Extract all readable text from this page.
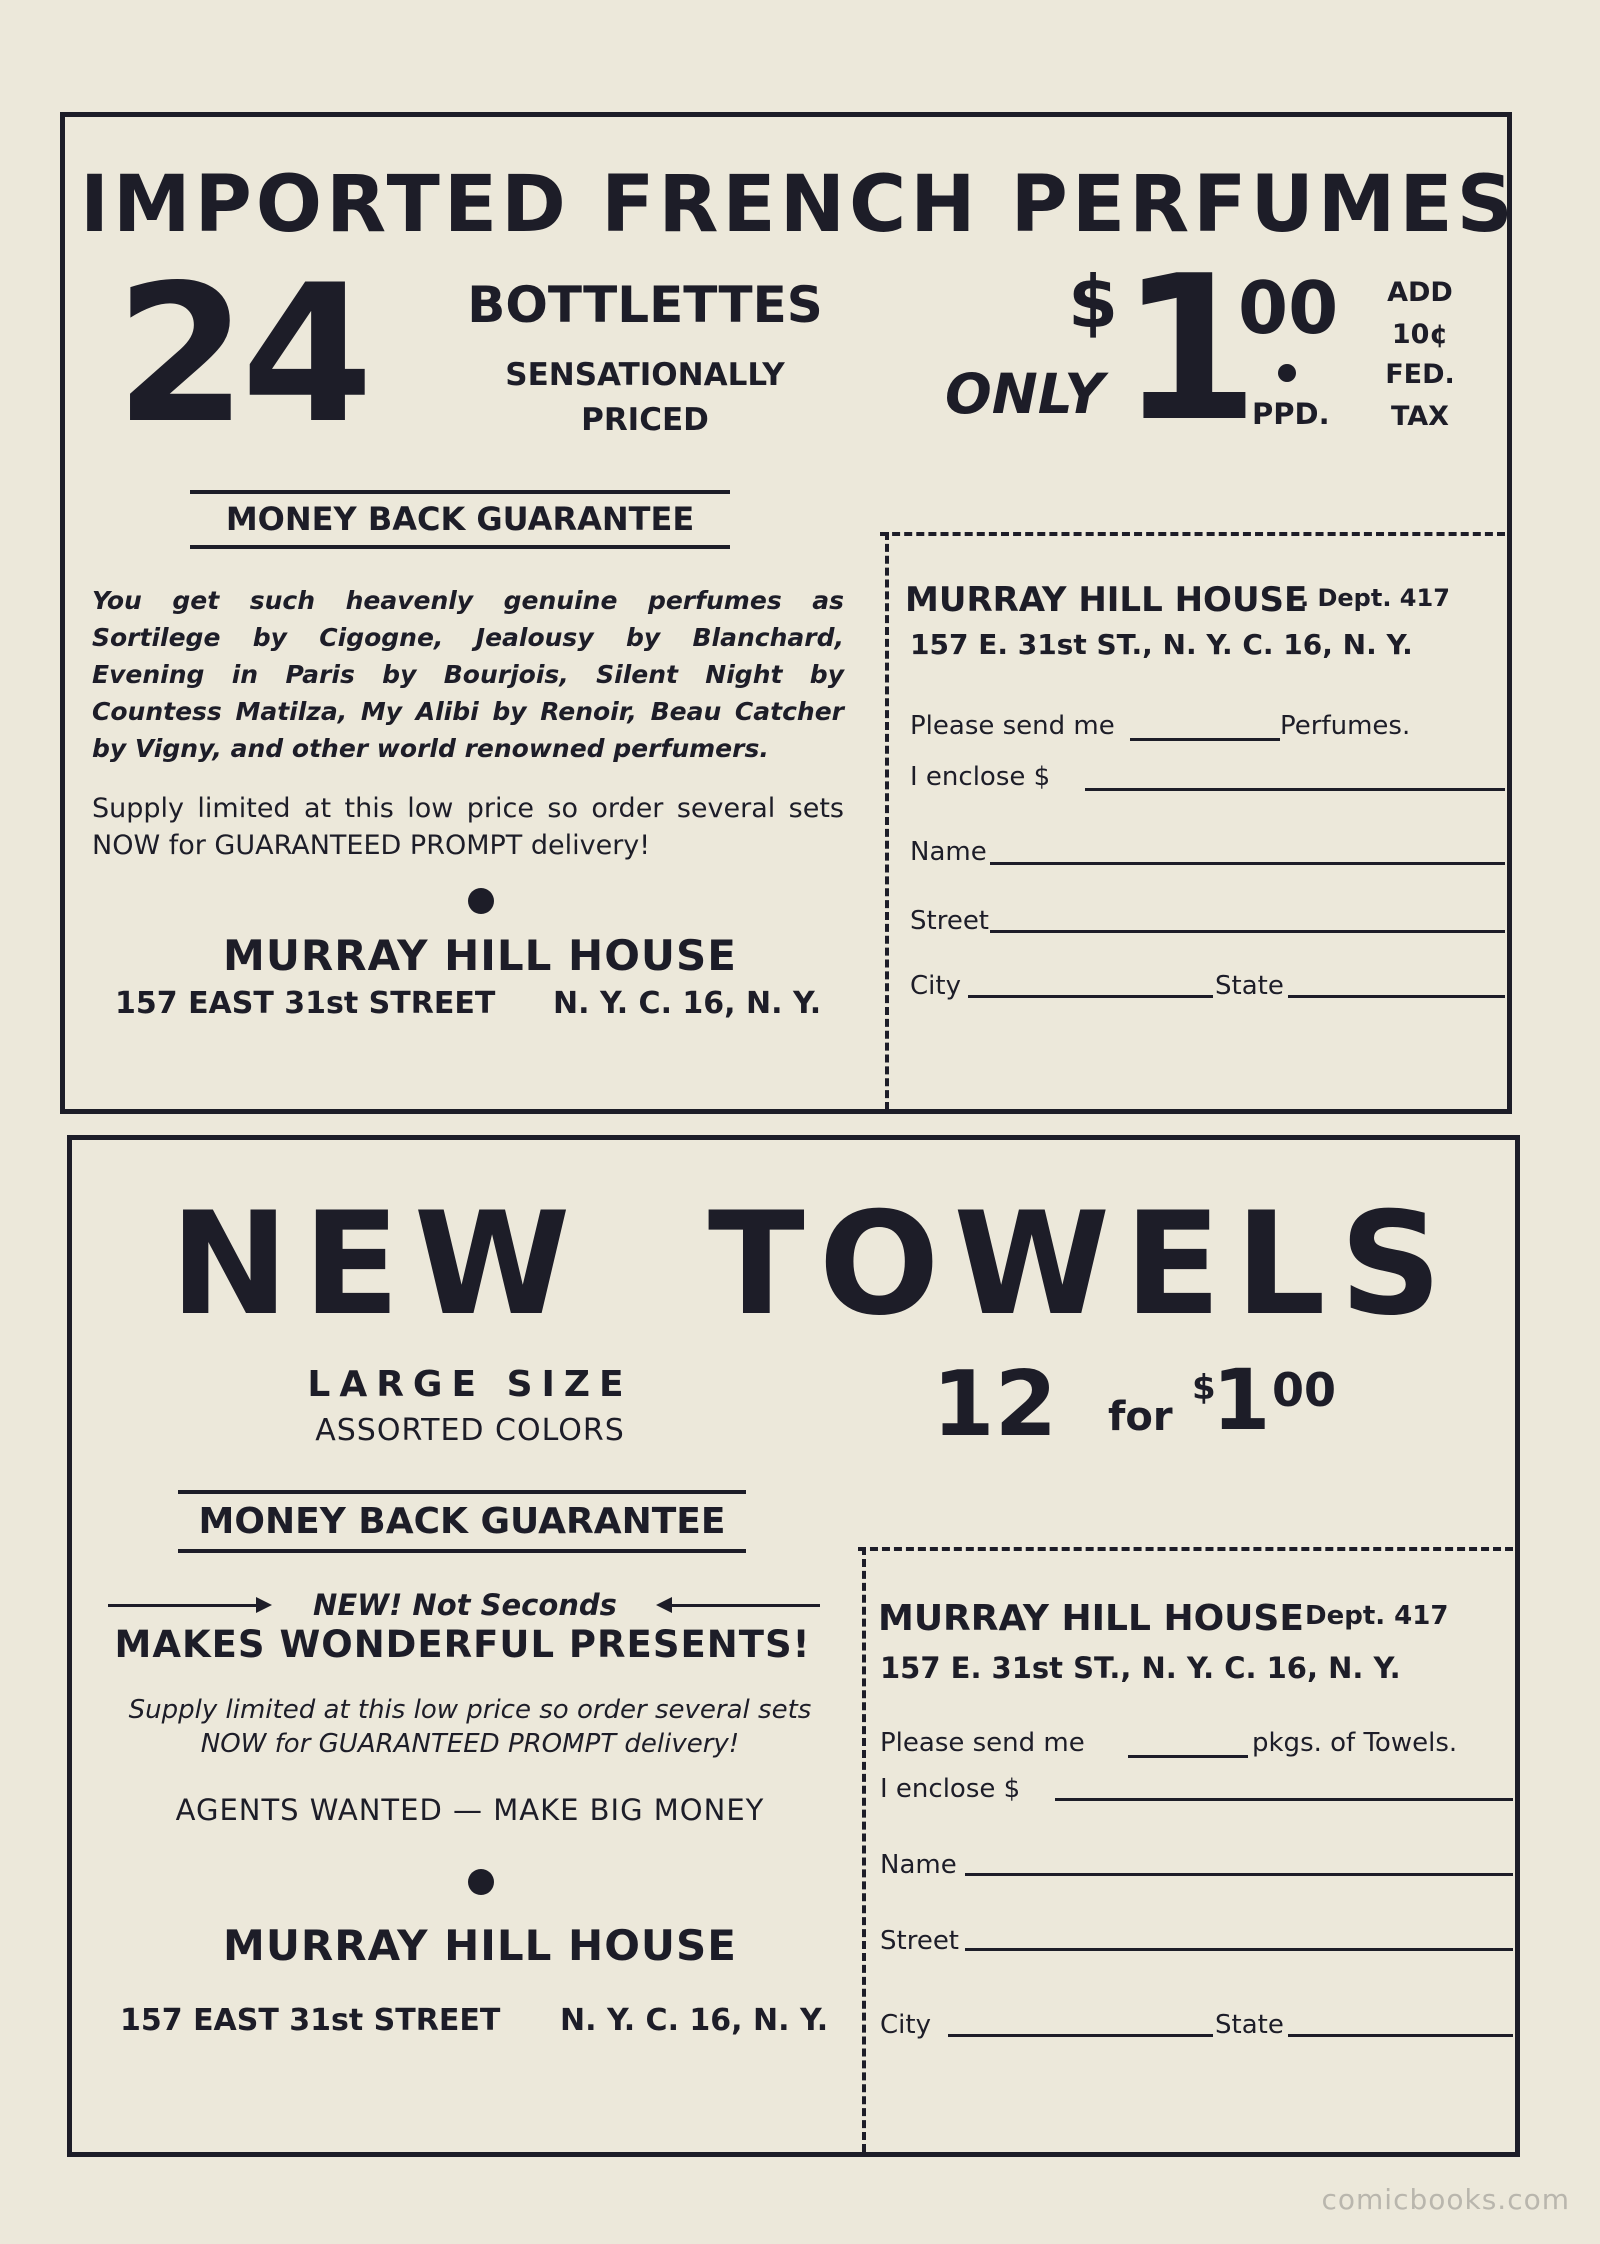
IMPORTED FRENCH PERFUMES
24 BOTTLETTES
SENSATIONALLY
PRICED	ONLY
$ 1
00
PPD.
ADD
10¢
FED.
TAX
MONEY BACK GUARANTEE
You get such heavenly genuine perfumes as Sortilege by Cigogne, Jealousy by Blanchard, Evening in Paris by Bourjois, Silent Night by Countess Matilza, My Alibi by Renoir, Beau Catcher by Vigny, and other world renowned perfumers.
Supply limited at this low price so order several sets NOW for GUARANTEED PROMPT delivery!
MURRAY HILL HOUSE
157 EAST 31st STREET N. Y. C. 16, N. Y.
MURRAY HILL HOUSE
. Dept. 417
157 E. 31st ST., N. Y. C. 16, N. Y.
Please send me	Perfumes.
I enclose $
Name
Street
City	State
NEW TOWELS
LARGE SIZE
ASSORTED COLORS	12 for
$
1 00
MONEY BACK GUARANTEE
NEW! Not Seconds
MAKES WONDERFUL PRESENTS!
Supply limited at this low price so order several sets NOW for GUARANTEED PROMPT delivery!
AGENTS WANTED — MAKE BIG MONEY
MURRAY HILL HOUSE
157 EAST 31st STREET N. Y. C. 16, N. Y.
MURRAY HILL HOUSE Dept. 417
157 E. 31st ST., N. Y. C. 16, N. Y.
Please send me	pkgs. of Towels.
I enclose $
Name
Street
City	State
comicbooks.com
